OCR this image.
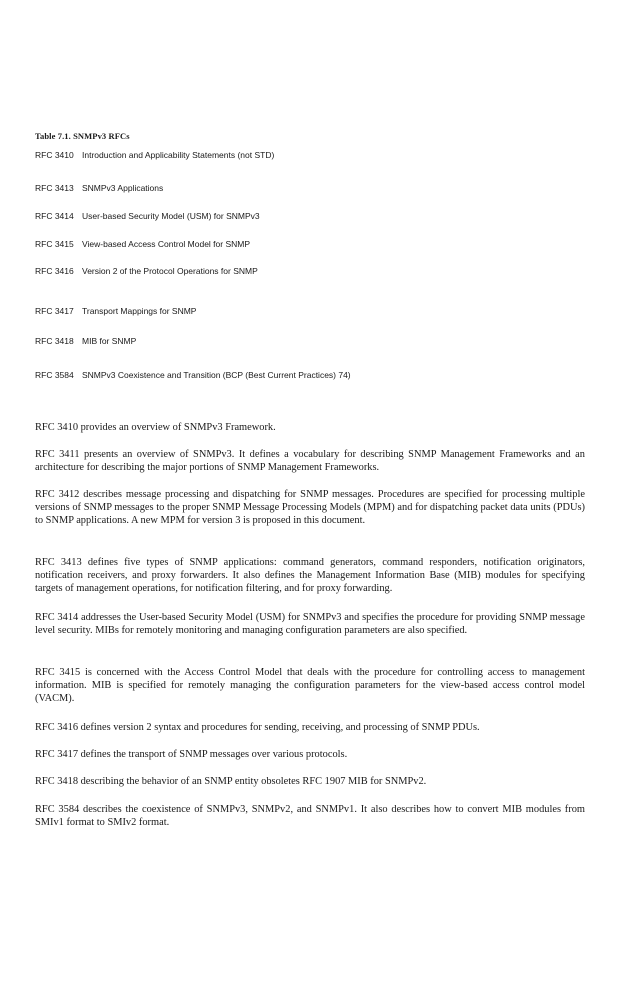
Table 7.1. SNMPv3 RFCs
RFC 3410 Introduction and Applicability Statements (not STD)
RFC 3413 SNMPv3 Applications
RFC 3414 User-based Security Model (USM) for SNMPv3
RFC 3415 View-based Access Control Model for SNMP
RFC 3416 Version 2 of the Protocol Operations for SNMP
RFC 3417 Transport Mappings for SNMP
RFC 3418 MIB for SNMP
RFC 3584 SNMPv3 Coexistence and Transition (BCP (Best Current Practices) 74)

RFC 3410 provides an overview of SNMPv3 Framework.

RFC 3411 presents an overview of SNMPv3. It defines a vocabulary for describing SNMP Management Frameworks and an architecture for describing the major portions of SNMP Management Frameworks.

RFC 3412 describes message processing and dispatching for SNMP messages. Procedures are specified for processing multiple versions of SNMP messages to the proper SNMP Message Processing Models (MPM) and for dispatching packet data units (PDUs) to SNMP applications. A new MPM for version 3 is proposed in this document.

RFC 3413 defines five types of SNMP applications: command generators, command responders, notification originators, notification receivers, and proxy forwarders. It also defines the Management Information Base (MIB) modules for specifying targets of management operations, for notification filtering, and for proxy forwarding.

RFC 3414 addresses the User-based Security Model (USM) for SNMPv3 and specifies the procedure for providing SNMP message level security. MIBs for remotely monitoring and managing configuration parameters are also specified.

RFC 3415 is concerned with the Access Control Model that deals with the procedure for controlling access to management information. MIB is specified for remotely managing the configuration parameters for the view-based access control model (VACM).

RFC 3416 defines version 2 syntax and procedures for sending, receiving, and processing of SNMP PDUs.

RFC 3417 defines the transport of SNMP messages over various protocols.

RFC 3418 describing the behavior of an SNMP entity obsoletes RFC 1907 MIB for SNMPv2.

RFC 3584 describes the coexistence of SNMPv3, SNMPv2, and SNMPv1. It also describes how to convert MIB modules from SMIv1 format to SMIv2 format.
